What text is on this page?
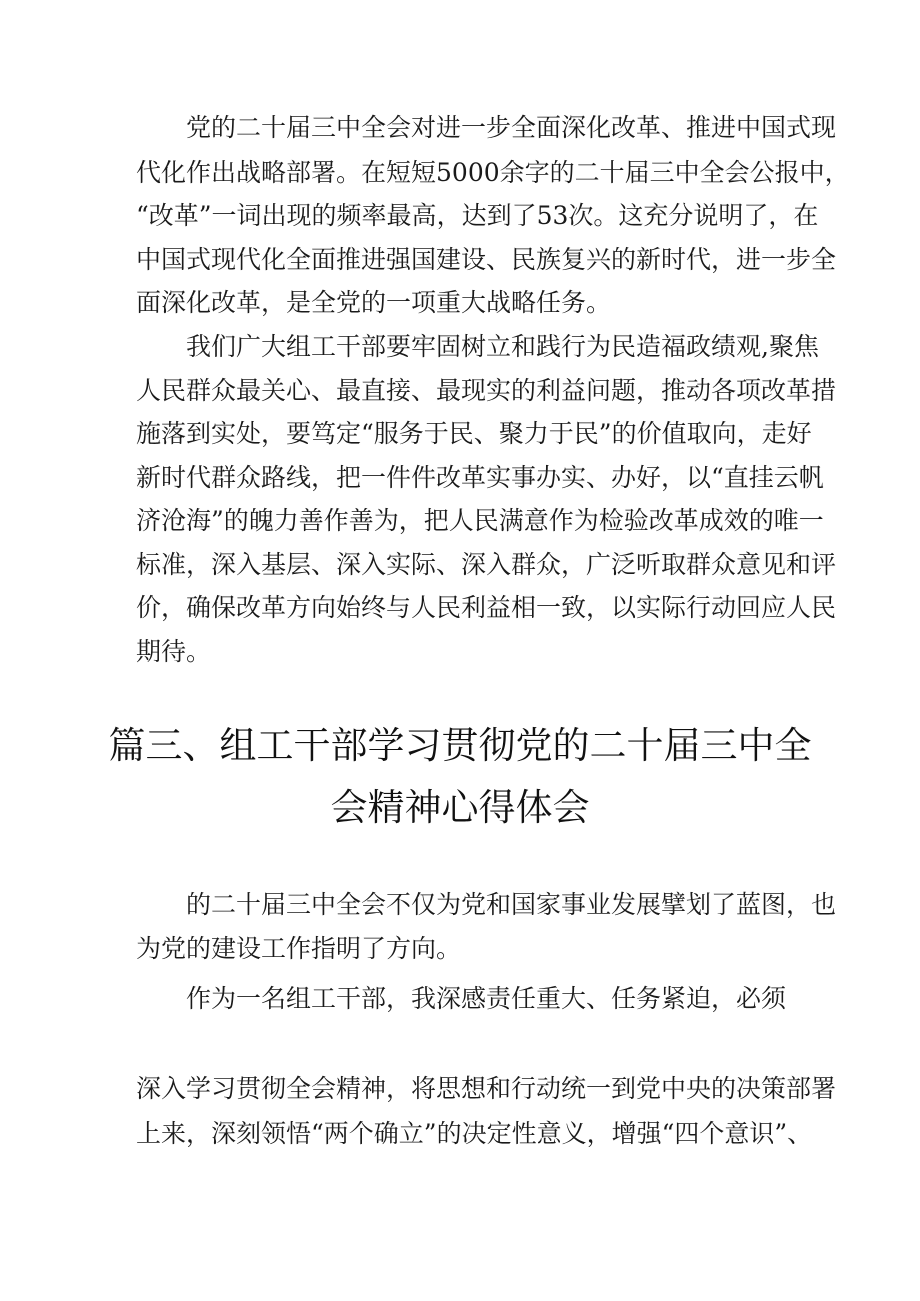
党的二十届三中全会对进一步全面深化改革、推进中国式现
代化作出战略部署。在短短5000余字的二十届三中全会公报中，
“改革”一词出现的频率最高，达到了53次。这充分说明了，在
中国式现代化全面推进强国建设、民族复兴的新时代，进一步全
面深化改革，是全党的一项重大战略任务。
我们广大组工干部要牢固树立和践行为民造福政绩观,聚焦
人民群众最关心、最直接、最现实的利益问题，推动各项改革措
施落到实处，要笃定“服务于民、聚力于民”的价值取向，走好
新时代群众路线，把一件件改革实事办实、办好，以“直挂云帆
济沧海”的魄力善作善为，把人民满意作为检验改革成效的唯一
标准，深入基层、深入实际、深入群众，广泛听取群众意见和评
价，确保改革方向始终与人民利益相一致，以实际行动回应人民
期待。
篇三、组工干部学习贯彻党的二十届三中全
会精神心得体会
的二十届三中全会不仅为党和国家事业发展擘划了蓝图，也
为党的建设工作指明了方向。
作为一名组工干部，我深感责任重大、任务紧迫，必须
深入学习贯彻全会精神，将思想和行动统一到党中央的决策部署
上来，深刻领悟“两个确立”的决定性意义，增强“四个意识”、
